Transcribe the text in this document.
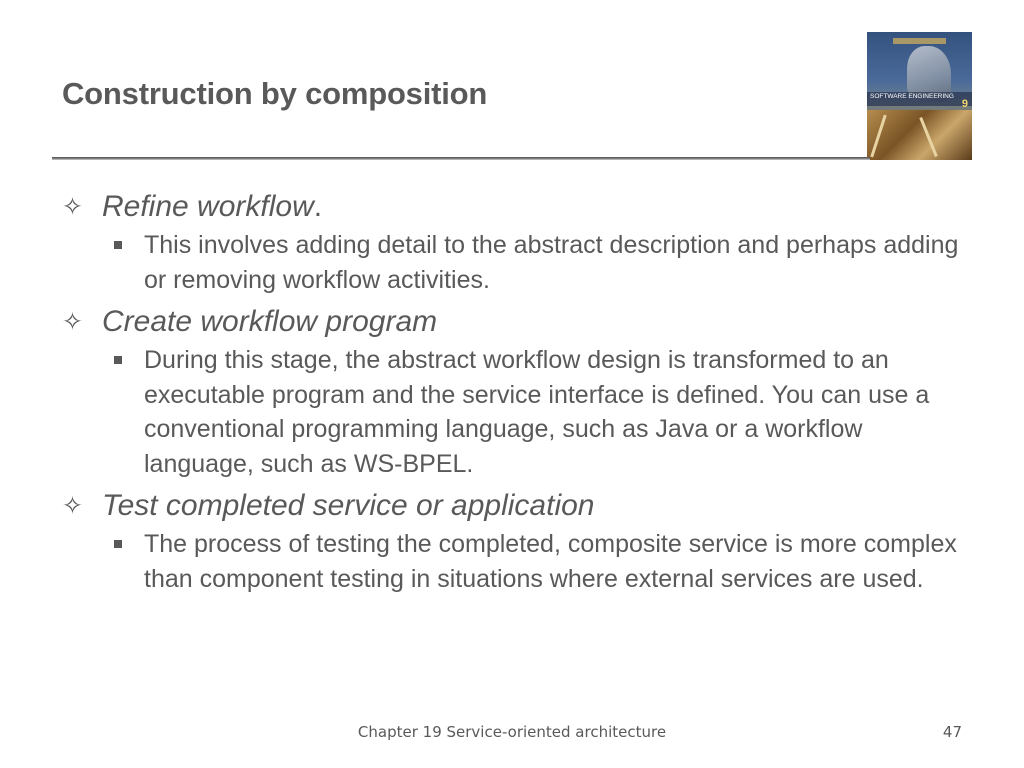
Construction by composition	SOFTWARE ENGINEERING
9
✧ Refine workflow.
This involves adding detail to the abstract description and perhaps adding or removing workflow activities.
✧ Create workflow program
During this stage, the abstract workflow design is transformed to an executable program and the service interface is defined. You can use a conventional programming language, such as Java or a workflow language, such as WS-BPEL.
✧ Test completed service or application
The process of testing the completed, composite service is more complex than component testing in situations where external services are used.
Chapter 19 Service-oriented architecture	47
